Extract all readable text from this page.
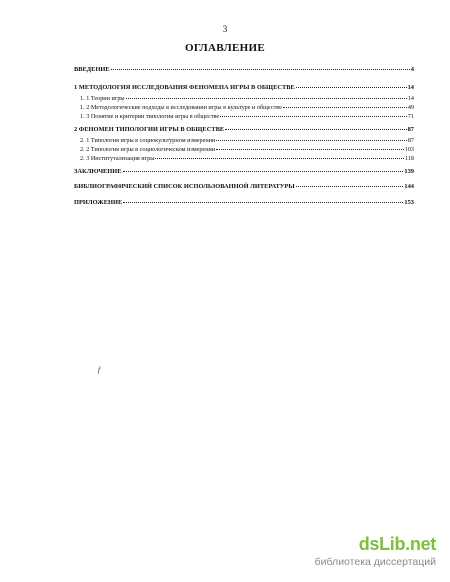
3
ОГЛАВЛЕНИЕ
ВВЕДЕНИЕ	4
1 МЕТОДОЛОГИЯ ИССЛЕДОВАНИЯ ФЕНОМЕНА ИГРЫ В ОБЩЕСТВЕ	14
1. 1 Теории игры	14
1. 2 Методологические подходы в исследовании игры в культуре и обществе	49
1. 3 Понятие и критерии типологии игры в обществе	71
2 ФЕНОМЕН ТИПОЛОГИИ ИГРЫ В ОБЩЕСТВЕ	87
2. 1 Типология игры в социокультурном измерении	87
2. 2 Типология игры в социологическом измерении	103
2. 3 Институтализация игры	118
ЗАКЛЮЧЕНИЕ	139
БИБЛИОГРАФИЧЕСКИЙ СПИСОК ИСПОЛЬЗОВАННОЙ ЛИТЕРАТУРЫ	144
ПРИЛОЖЕНИЕ	153
f
dsLib.net
библиотека диссертаций
